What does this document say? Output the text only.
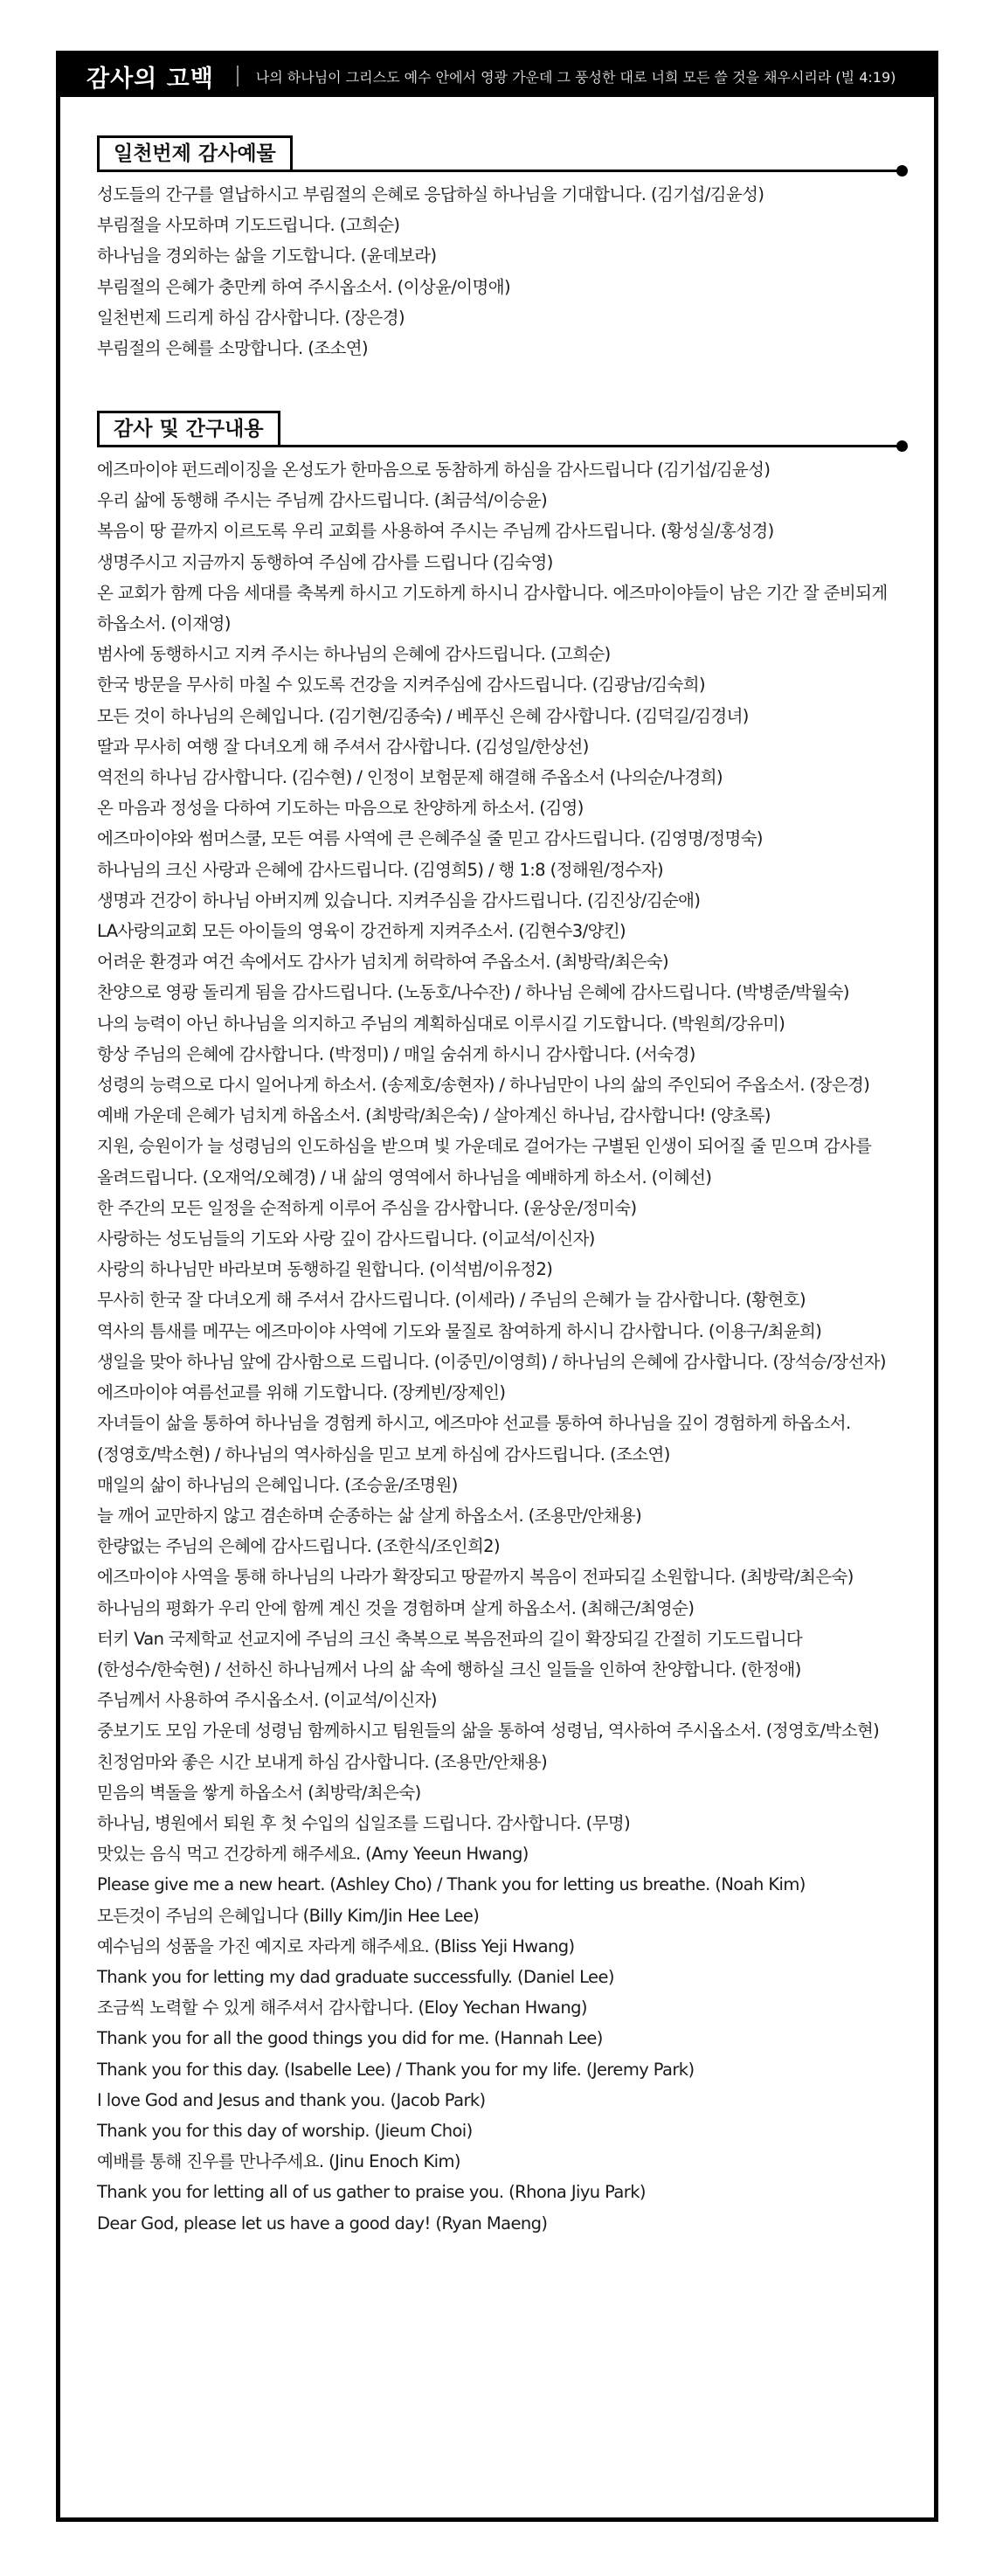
감사의 고백	나의 하나님이 그리스도 예수 안에서 영광 가운데 그 풍성한 대로 너희 모든 쓸 것을 채우시리라 (빌 4:19)
일천번제 감사예물
성도들의 간구를 열납하시고 부림절의 은혜로 응답하실 하나님을 기대합니다. (김기섭/김윤성)
부림절을 사모하며 기도드립니다. (고희순)
하나님을 경외하는 삶을 기도합니다. (윤데보라)
부림절의 은혜가 충만케 하여 주시옵소서. (이상윤/이명애)
일천번제 드리게 하심 감사합니다. (장은경)
부림절의 은혜를 소망합니다. (조소연)
감사 및 간구내용
에즈마이야 펀드레이징을 온성도가 한마음으로 동참하게 하심을 감사드립니다 (김기섭/김윤성)
우리 삶에 동행해 주시는 주님께 감사드립니다. (최금석/이승윤)
복음이 땅 끝까지 이르도록 우리 교회를 사용하여 주시는 주님께 감사드립니다. (황성실/홍성경)
생명주시고 지금까지 동행하여 주심에 감사를 드립니다 (김숙영)
온 교회가 함께 다음 세대를 축복케 하시고 기도하게 하시니 감사합니다. 에즈마이야들이 남은 기간 잘 준비되게
하옵소서. (이재영)
범사에 동행하시고 지켜 주시는 하나님의 은혜에 감사드립니다. (고희순)
한국 방문을 무사히 마칠 수 있도록 건강을 지켜주심에 감사드립니다. (김광남/김숙희)
모든 것이 하나님의 은혜입니다. (김기현/김종숙) / 베푸신 은혜 감사합니다. (김덕길/김경녀)
딸과 무사히 여행 잘 다녀오게 해 주셔서 감사합니다. (김성일/한상선)
역전의 하나님 감사합니다. (김수현) / 인정이 보험문제 해결해 주옵소서 (나의순/나경희)
온 마음과 정성을 다하여 기도하는 마음으로 찬양하게 하소서. (김영)
에즈마이야와 썸머스쿨, 모든 여름 사역에 큰 은혜주실 줄 믿고 감사드립니다. (김영명/정명숙)
하나님의 크신 사랑과 은혜에 감사드립니다. (김영희5) / 행 1:8 (정해원/정수자)
생명과 건강이 하나님 아버지께 있습니다. 지켜주심을 감사드립니다. (김진상/김순애)
LA사랑의교회 모든 아이들의 영육이 강건하게 지켜주소서. (김현수3/양킨)
어려운 환경과 여건 속에서도 감사가 넘치게 허락하여 주옵소서. (최방락/최은숙)
찬양으로 영광 돌리게 됨을 감사드립니다. (노동호/나수잔) / 하나님 은혜에 감사드립니다. (박병준/박월숙)
나의 능력이 아닌 하나님을 의지하고 주님의 계획하심대로 이루시길 기도합니다. (박원희/강유미)
항상 주님의 은혜에 감사합니다. (박정미) / 매일 숨쉬게 하시니 감사합니다. (서숙경)
성령의 능력으로 다시 일어나게 하소서. (송제호/송현자) / 하나님만이 나의 삶의 주인되어 주옵소서. (장은경)
예배 가운데 은혜가 넘치게 하옵소서. (최방락/최은숙) / 살아계신 하나님, 감사합니다! (양초록)
지원, 승원이가 늘 성령님의 인도하심을 받으며 빛 가운데로 걸어가는 구별된 인생이 되어질 줄 믿으며 감사를
올려드립니다. (오재억/오혜경) / 내 삶의 영역에서 하나님을 예배하게 하소서. (이혜선)
한 주간의 모든 일정을 순적하게 이루어 주심을 감사합니다. (윤상운/정미숙)
사랑하는 성도님들의 기도와 사랑 깊이 감사드립니다. (이교석/이신자)
사랑의 하나님만 바라보며 동행하길 원합니다. (이석범/이유정2)
무사히 한국 잘 다녀오게 해 주셔서 감사드립니다. (이세라) / 주님의 은혜가 늘 감사합니다. (황현호)
역사의 틈새를 메꾸는 에즈마이야 사역에 기도와 물질로 참여하게 하시니 감사합니다. (이용구/최윤희)
생일을 맞아 하나님 앞에 감사함으로 드립니다. (이중민/이영희) / 하나님의 은혜에 감사합니다. (장석승/장선자)
에즈마이야 여름선교를 위해 기도합니다. (장케빈/장제인)
자녀들이 삶을 통하여 하나님을 경험케 하시고, 에즈마야 선교를 통하여 하나님을 깊이 경험하게 하옵소서.
(정영호/박소현) / 하나님의 역사하심을 믿고 보게 하심에 감사드립니다. (조소연)
매일의 삶이 하나님의 은혜입니다. (조승윤/조명원)
늘 깨어 교만하지 않고 겸손하며 순종하는 삶 살게 하옵소서. (조용만/안채용)
한량없는 주님의 은혜에 감사드립니다. (조한식/조인희2)
에즈마이야 사역을 통해 하나님의 나라가 확장되고 땅끝까지 복음이 전파되길 소원합니다. (최방락/최은숙)
하나님의 평화가 우리 안에 함께 계신 것을 경험하며 살게 하옵소서. (최해근/최영순)
터키 Van 국제학교 선교지에 주님의 크신 축복으로 복음전파의 길이 확장되길 간절히 기도드립니다
(한성수/한숙현) / 선하신 하나님께서 나의 삶 속에 행하실 크신 일들을 인하여 찬양합니다. (한정애)
주님께서 사용하여 주시옵소서. (이교석/이신자)
중보기도 모임 가운데 성령님 함께하시고 팀원들의 삶을 통하여 성령님, 역사하여 주시옵소서. (정영호/박소현)
친정엄마와 좋은 시간 보내게 하심 감사합니다. (조용만/안채용)
믿음의 벽돌을 쌓게 하옵소서 (최방락/최은숙)
하나님, 병원에서 퇴원 후 첫 수입의 십일조를 드립니다. 감사합니다. (무명)
맛있는 음식 먹고 건강하게 해주세요. (Amy Yeeun Hwang)
Please give me a new heart. (Ashley Cho) / Thank you for letting us breathe. (Noah Kim)
모든것이 주님의 은혜입니다 (Billy Kim/Jin Hee Lee)
예수님의 성품을 가진 예지로 자라게 해주세요. (Bliss Yeji Hwang)
Thank you for letting my dad graduate successfully. (Daniel Lee)
조금씩 노력할 수 있게 해주셔서 감사합니다. (Eloy Yechan Hwang)
Thank you for all the good things you did for me. (Hannah Lee)
Thank you for this day. (Isabelle Lee) / Thank you for my life. (Jeremy Park)
I love God and Jesus and thank you. (Jacob Park)
Thank you for this day of worship. (Jieum Choi)
예배를 통해 진우를 만나주세요. (Jinu Enoch Kim)
Thank you for letting all of us gather to praise you. (Rhona Jiyu Park)
Dear God, please let us have a good day! (Ryan Maeng)
